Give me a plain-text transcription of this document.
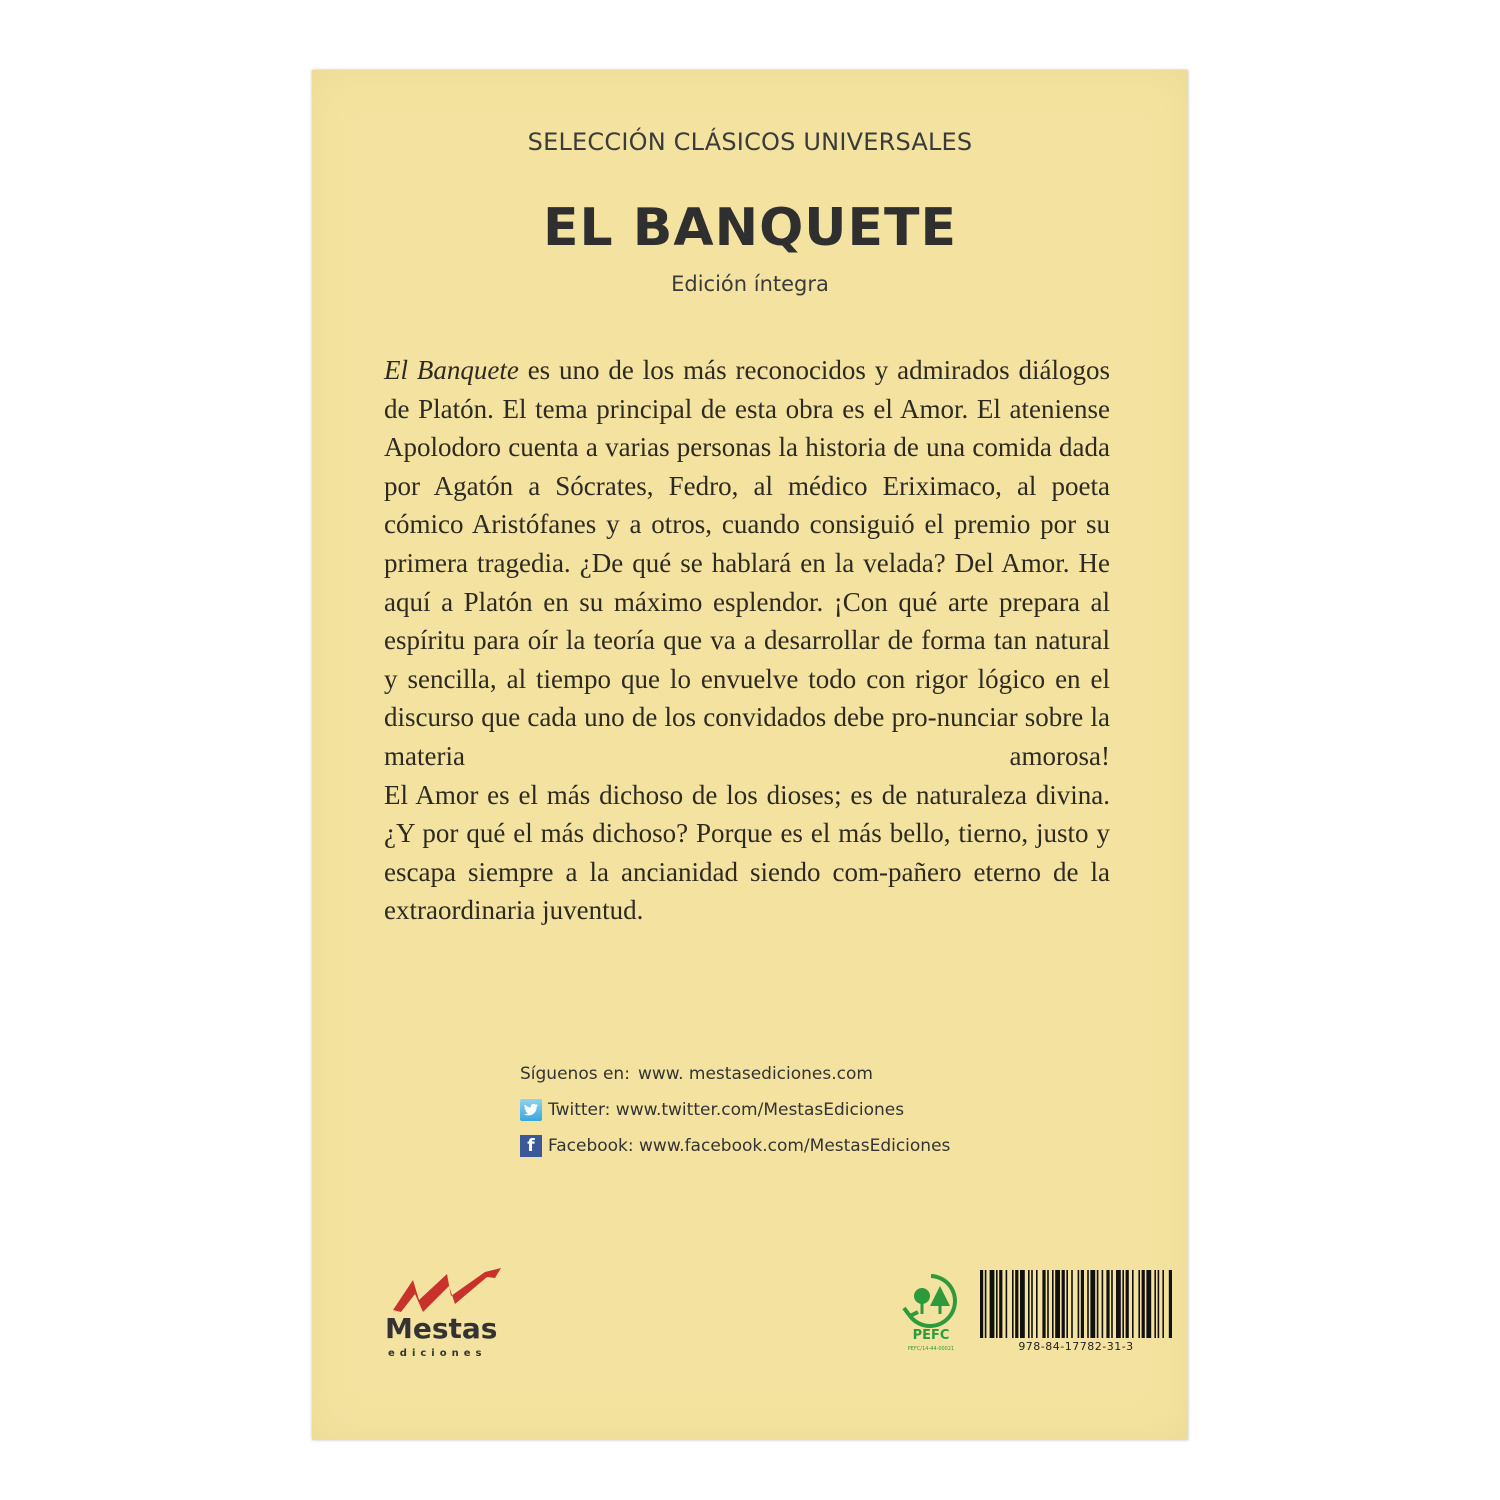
SELECCIÓN CLÁSICOS UNIVERSALES
EL BANQUETE
Edición íntegra

El Banquete es uno de los más reconocidos y admirados diálogos de Platón. El tema principal de esta obra es el Amor. El ateniense Apolodoro cuenta a varias personas la historia de una comida dada por Agatón a Sócrates, Fedro, al médico Eriximaco, al poeta cómico Aristófanes y a otros, cuando consiguió el premio por su primera tragedia. ¿De qué se hablará en la velada? Del Amor. He aquí a Platón en su máximo esplendor. ¡Con qué arte prepara al espíritu para oír la teoría que va a desarrollar de forma tan natural y sencilla, al tiempo que lo envuelve todo con rigor lógico en el discurso que cada uno de los convidados debe pro-nunciar sobre la materia amorosa!

El Amor es el más dichoso de los dioses; es de naturaleza divina. ¿Y por qué el más dichoso? Porque es el más bello, tierno, justo y escapa siempre a la ancianidad siendo com-pañero eterno de la extraordinaria juventud.

Síguenos en: www. mestasediciones.com
Twitter: www.twitter.com/MestasEdiciones
f Facebook: www.facebook.com/MestasEdiciones
Mestas
ediciones
PEFC
PEFC/14-44-00021	978-84-17782-31-3
